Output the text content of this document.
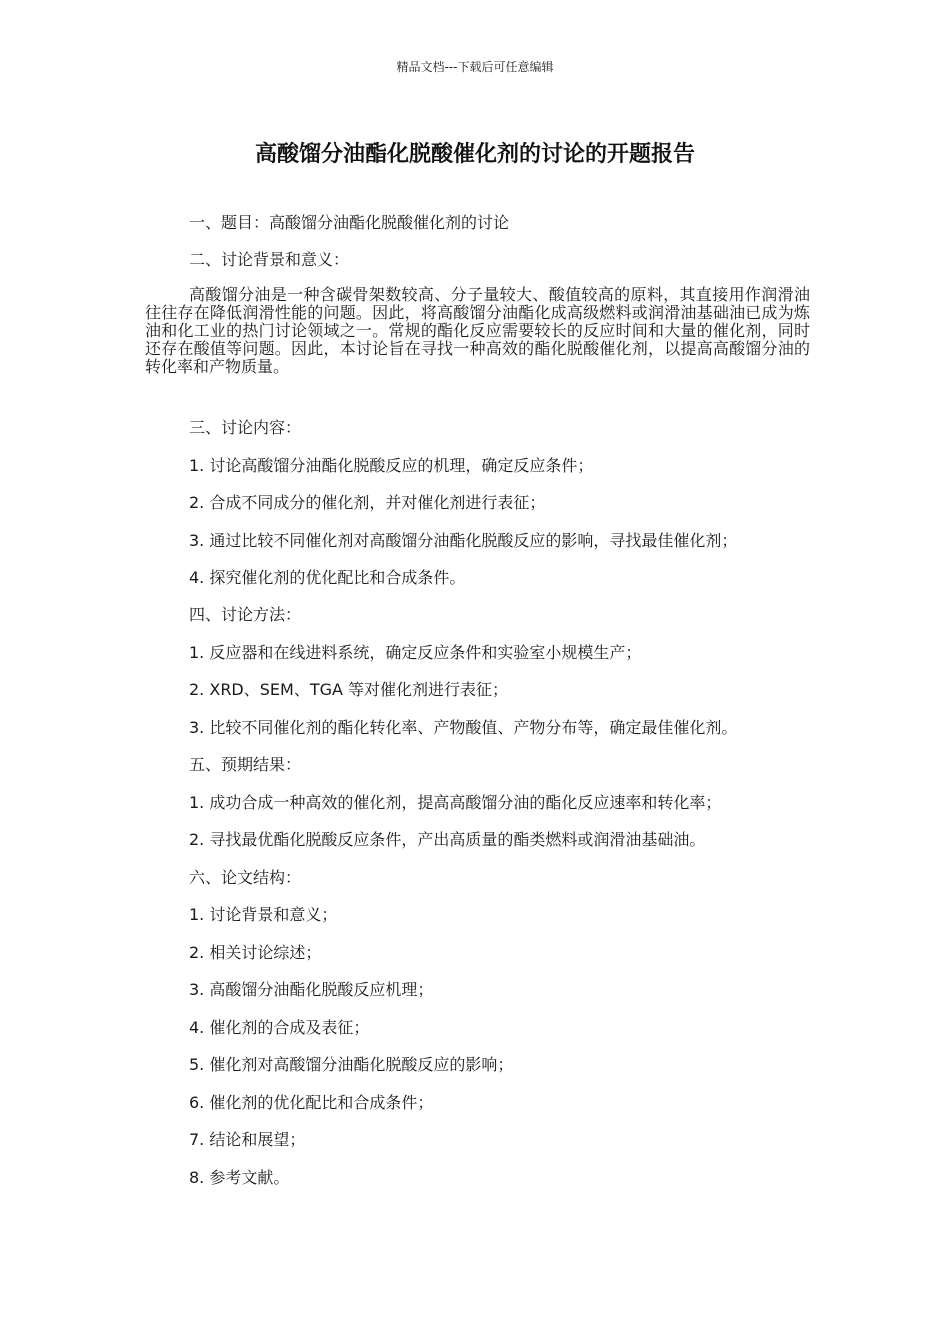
精品文档---下载后可任意编辑
高酸馏分油酯化脱酸催化剂的讨论的开题报告
一、题目：高酸馏分油酯化脱酸催化剂的讨论
二、讨论背景和意义：
高酸馏分油是一种含碳骨架数较高、分子量较大、酸值较高的原料，其直接用作润滑油往往存在降低润滑性能的问题。因此，将高酸馏分油酯化成高级燃料或润滑油基础油已成为炼油和化工业的热门讨论领域之一。常规的酯化反应需要较长的反应时间和大量的催化剂，同时还存在酸值等问题。因此，本讨论旨在寻找一种高效的酯化脱酸催化剂，以提高高酸馏分油的转化率和产物质量。
三、讨论内容：
1. 讨论高酸馏分油酯化脱酸反应的机理，确定反应条件；
2. 合成不同成分的催化剂，并对催化剂进行表征；
3. 通过比较不同催化剂对高酸馏分油酯化脱酸反应的影响，寻找最佳催化剂；
4. 探究催化剂的优化配比和合成条件。
四、讨论方法：
1. 反应器和在线进料系统，确定反应条件和实验室小规模生产；
2. XRD、SEM、TGA 等对催化剂进行表征；
3. 比较不同催化剂的酯化转化率、产物酸值、产物分布等，确定最佳催化剂。
五、预期结果：
1. 成功合成一种高效的催化剂，提高高酸馏分油的酯化反应速率和转化率；
2. 寻找最优酯化脱酸反应条件，产出高质量的酯类燃料或润滑油基础油。
六、论文结构：
1. 讨论背景和意义；
2. 相关讨论综述；
3. 高酸馏分油酯化脱酸反应机理；
4. 催化剂的合成及表征；
5. 催化剂对高酸馏分油酯化脱酸反应的影响；
6. 催化剂的优化配比和合成条件；
7. 结论和展望；
8. 参考文献。
